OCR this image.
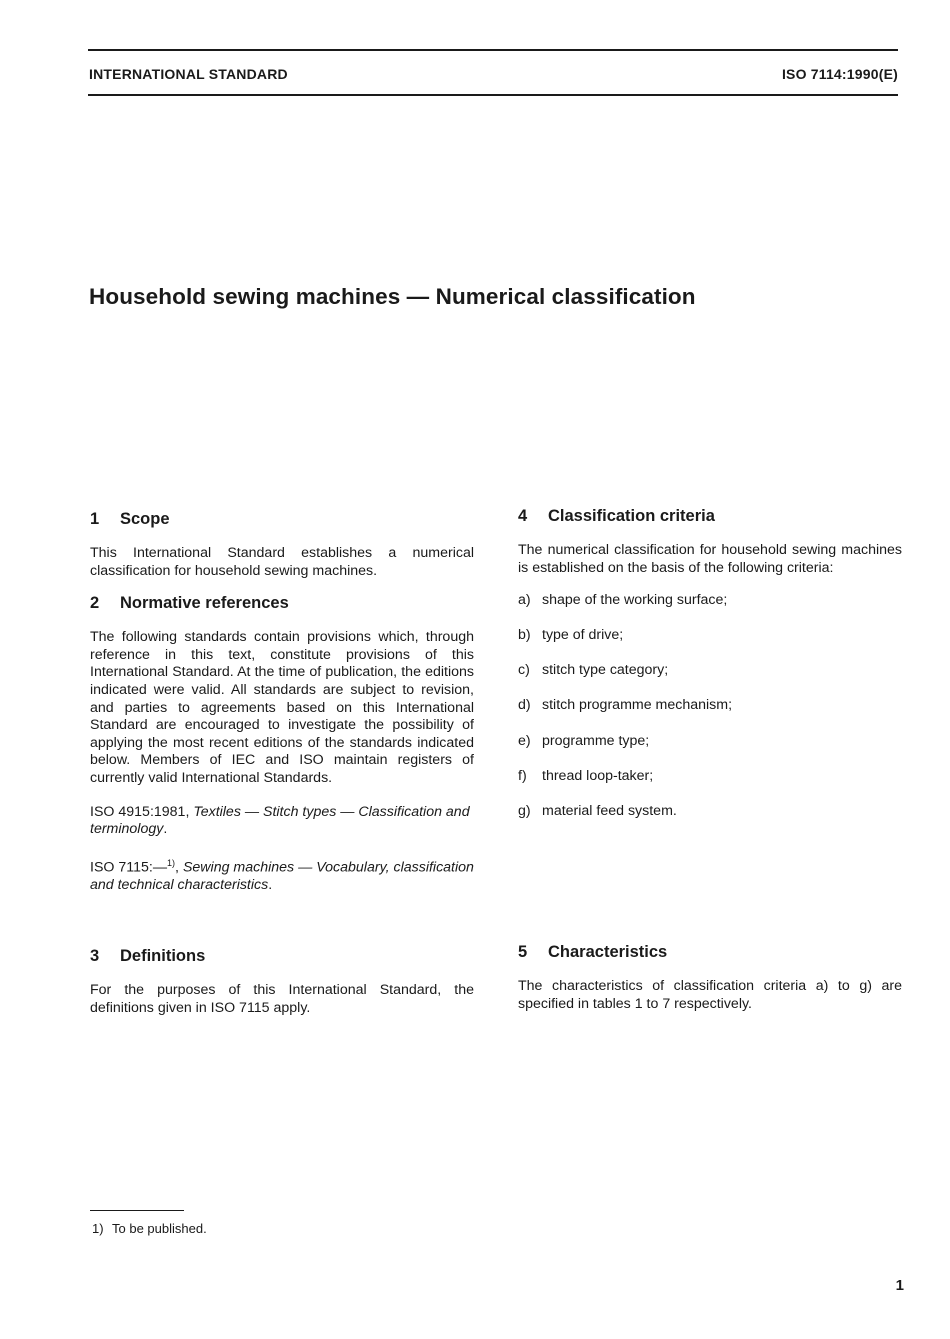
INTERNATIONAL STANDARD	ISO 7114:1990(E)
Household sewing machines — Numerical classification
1 Scope

This International Standard establishes a numerical classification for household sewing machines.

2 Normative references

The following standards contain provisions which, through reference in this text, constitute provisions of this International Standard. At the time of publication, the editions indicated were valid. All standards are subject to revision, and parties to agreements based on this International Standard are encouraged to investigate the possibility of applying the most recent editions of the standards indicated below. Members of IEC and ISO maintain registers of currently valid International Standards.

ISO 4915:1981, Textiles — Stitch types — Classification and terminology.

ISO 7115:—$^{1)}$, Sewing machines — Vocabulary, classification and technical characteristics.

3 Definitions

For the purposes of this International Standard, the definitions given in ISO 7115 apply.

4 Classification criteria

The numerical classification for household sewing machines is established on the basis of the following criteria:

a) shape of the working surface;
b) type of drive;
c) stitch type category;
d) stitch programme mechanism;
e) programme type;
f) thread loop-taker;
g) material feed system.
5 Characteristics

The characteristics of classification criteria a) to g) are specified in tables 1 to 7 respectively.

1) To be published.
1
